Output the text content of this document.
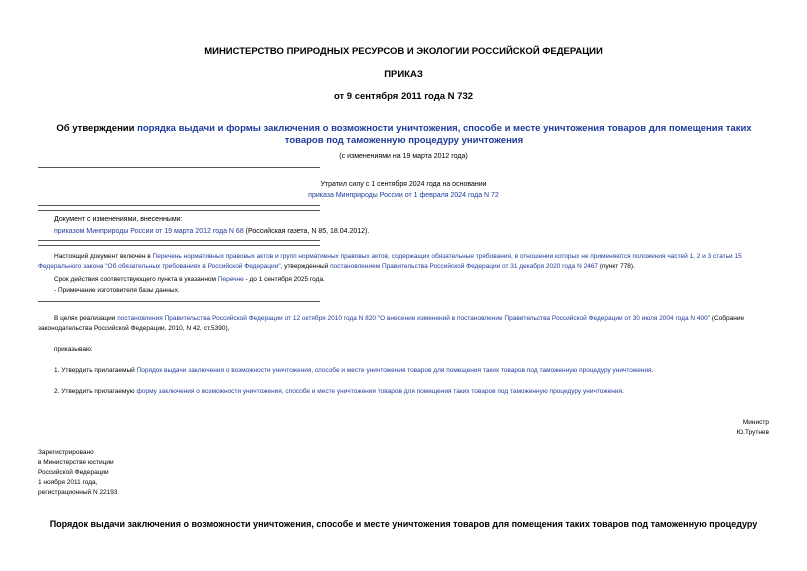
МИНИСТЕРСТВО ПРИРОДНЫХ РЕСУРСОВ И ЭКОЛОГИИ РОССИЙСКОЙ ФЕДЕРАЦИИ
ПРИКАЗ
от 9 сентября 2011 года N 732
Об утверждении порядка выдачи и формы заключения о возможности уничтожения, способе и месте уничтожения товаров для помещения таких товаров под таможенную процедуру уничтожения
(с изменениями на 19 марта 2012 года)
Утратил силу с 1 сентября 2024 года на основании
приказа Минприроды России от 1 февраля 2024 года N 72
Документ с изменениями, внесенными:
приказом Минприроды России от 19 марта 2012 года N 68 (Российская газета, N 85, 18.04.2012).
Настоящий документ включен в Перечень нормативных правовых актов и групп нормативных правовых актов, содержащих обязательные требования, в отношении которых не применяются положения частей 1, 2 и 3 статьи 15 Федерального закона "Об обязательных требованиях в Российской Федерации", утвержденный постановлением Правительства Российской Федерации от 31 декабря 2020 года N 2467 (пункт 778).
Срок действия соответствующего пункта в указанном Перечне - до 1 сентября 2025 года.
- Примечание изготовителя базы данных.
В целях реализации постановления Правительства Российской Федерации от 12 октября 2010 года N 820 "О внесении изменений в постановление Правительства Российской Федерации от 30 июля 2004 года N 400" (Собрание законодательства Российской Федерации, 2010, N 42, ст.5390),
приказываю:
1. Утвердить прилагаемый Порядок выдачи заключения о возможности уничтожения, способе и месте уничтожения товаров для помещения таких товаров под таможенную процедуру уничтожения.
2. Утвердить прилагаемую форму заключения о возможности уничтожения, способе и месте уничтожения товаров для помещения таких товаров под таможенную процедуру уничтожения.
Министр
Ю.Трутнев
Зарегистрировано
в Министерстве юстиции
Российской Федерации
1 ноября 2011 года,
регистрационный N 22193
Порядок выдачи заключения о возможности уничтожения, способе и месте уничтожения товаров для помещения таких товаров под таможенную процедуру
